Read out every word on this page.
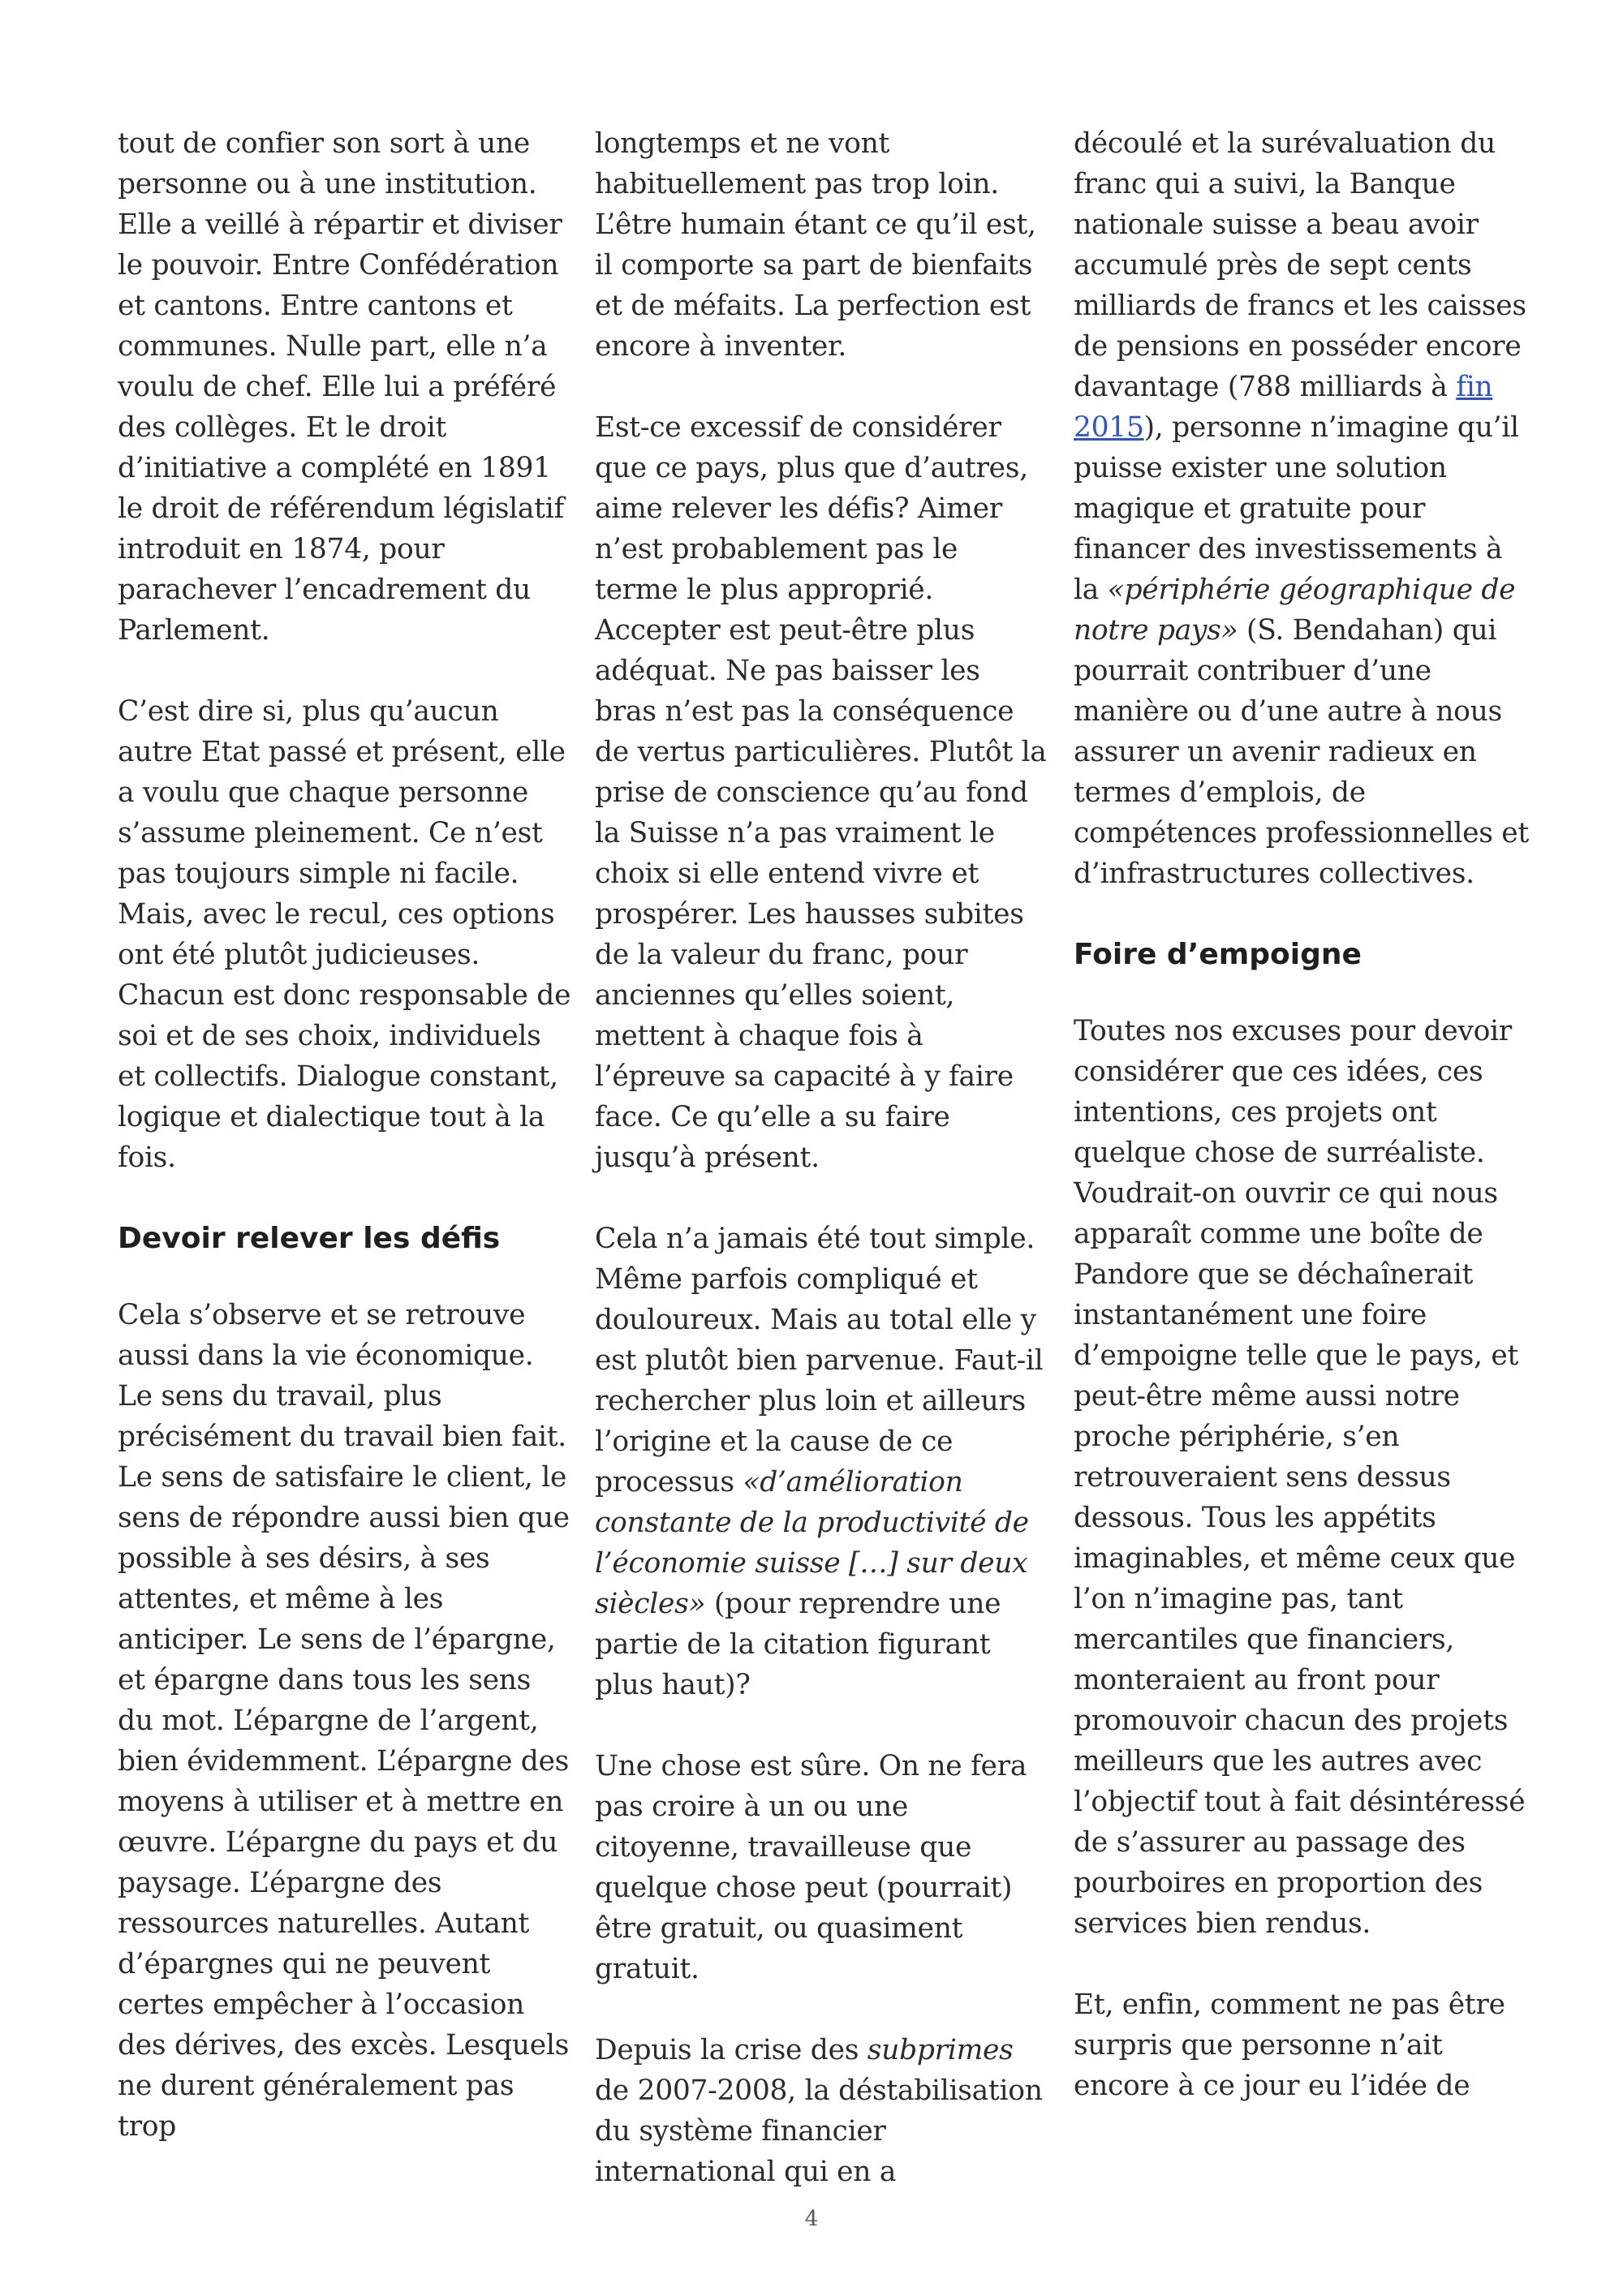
tout de confier son sort à une personne ou à une institution. Elle a veillé à répartir et diviser le pouvoir. Entre Confédération et cantons. Entre cantons et communes. Nulle part, elle n’a voulu de chef. Elle lui a préféré des collèges. Et le droit d’initiative a complété en 1891 le droit de référendum législatif introduit en 1874, pour parachever l’encadrement du Parlement.

C’est dire si, plus qu’aucun autre Etat passé et présent, elle a voulu que chaque personne s’assume pleinement. Ce n’est pas toujours simple ni facile. Mais, avec le recul, ces options ont été plutôt judicieuses. Chacun est donc responsable de soi et de ses choix, individuels et collectifs. Dialogue constant, logique et dialectique tout à la fois.

Devoir relever les défis

Cela s’observe et se retrouve aussi dans la vie économique. Le sens du travail, plus précisément du travail bien fait. Le sens de satisfaire le client, le sens de répondre aussi bien que possible à ses désirs, à ses attentes, et même à les anticiper. Le sens de l’épargne, et épargne dans tous les sens du mot. L’épargne de l’argent, bien évidemment. L’épargne des moyens à utiliser et à mettre en œuvre. L’épargne du pays et du paysage. L’épargne des ressources naturelles. Autant d’épargnes qui ne peuvent certes empêcher à l’occasion des dérives, des excès. Lesquels ne durent généralement pas trop

longtemps et ne vont habituellement pas trop loin. L’être humain étant ce qu’il est, il comporte sa part de bienfaits et de méfaits. La perfection est encore à inventer.

Est-ce excessif de considérer que ce pays, plus que d’autres, aime relever les défis? Aimer n’est probablement pas le terme le plus approprié. Accepter est peut-être plus adéquat. Ne pas baisser les bras n’est pas la conséquence de vertus particulières. Plutôt la prise de conscience qu’au fond la Suisse n’a pas vraiment le choix si elle entend vivre et prospérer. Les hausses subites de la valeur du franc, pour anciennes qu’elles soient, mettent à chaque fois à l’épreuve sa capacité à y faire face. Ce qu’elle a su faire jusqu’à présent.

Cela n’a jamais été tout simple. Même parfois compliqué et douloureux. Mais au total elle y est plutôt bien parvenue. Faut-il rechercher plus loin et ailleurs l’origine et la cause de ce processus «d’amélioration constante de la productivité de l’économie suisse […] sur deux siècles» (pour reprendre une partie de la citation figurant plus haut)?

Une chose est sûre. On ne fera pas croire à un ou une citoyenne, travailleuse que quelque chose peut (pourrait) être gratuit, ou quasiment gratuit.

Depuis la crise des subprimes de 2007-2008, la déstabilisation du système financier international qui en a

découlé et la surévaluation du franc qui a suivi, la Banque nationale suisse a beau avoir accumulé près de sept cents milliards de francs et les caisses de pensions en posséder encore davantage (788 milliards à fin 2015), personne n’imagine qu’il puisse exister une solution magique et gratuite pour financer des investissements à la «périphérie géographique de notre pays» (S. Bendahan) qui pourrait contribuer d’une manière ou d’une autre à nous assurer un avenir radieux en termes d’emplois, de compétences professionnelles et d’infrastructures collectives.

Foire d’empoigne

Toutes nos excuses pour devoir considérer que ces idées, ces intentions, ces projets ont quelque chose de surréaliste. Voudrait-on ouvrir ce qui nous apparaît comme une boîte de Pandore que se déchaînerait instantanément une foire d’empoigne telle que le pays, et peut-être même aussi notre proche périphérie, s’en retrouveraient sens dessus dessous. Tous les appétits imaginables, et même ceux que l’on n’imagine pas, tant mercantiles que financiers, monteraient au front pour promouvoir chacun des projets meilleurs que les autres avec l’objectif tout à fait désintéressé de s’assurer au passage des pourboires en proportion des services bien rendus.

Et, enfin, comment ne pas être surpris que personne n’ait encore à ce jour eu l’idée de

4
